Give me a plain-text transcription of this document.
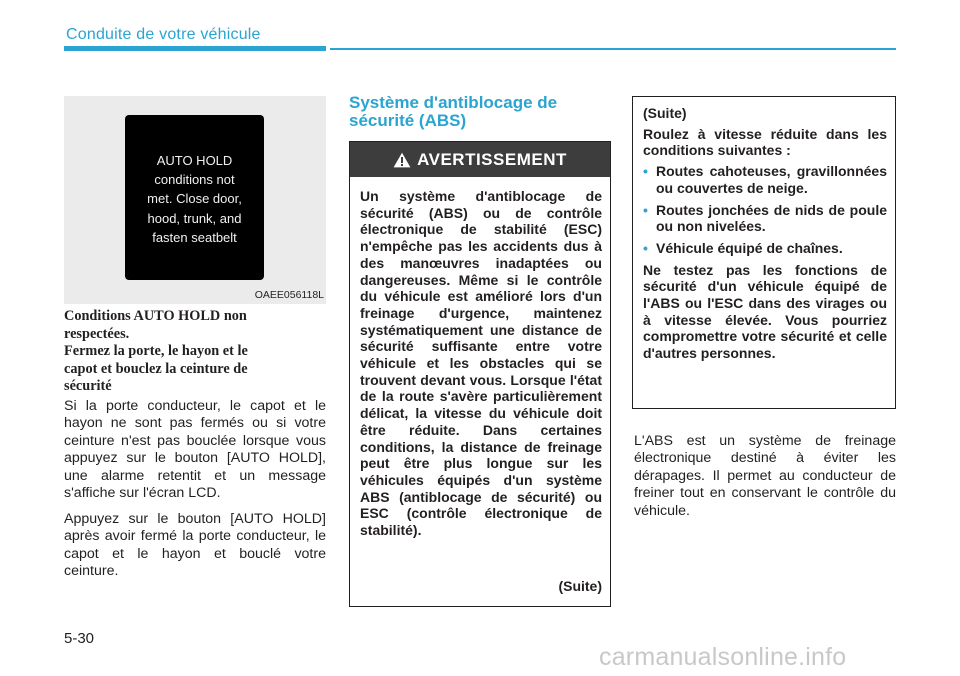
Conduite de votre véhicule
AUTO HOLD
conditions not
met. Close door,
hood, trunk, and
fasten seatbelt
OAEE056118L
Conditions AUTO HOLD non
respectées.
Fermez la porte, le hayon et le
capot et bouclez la ceinture de
sécurité

Si la porte conducteur, le capot et le hayon ne sont pas fermés ou si votre ceinture n'est pas bouclée lorsque vous appuyez sur le bouton [AUTO HOLD], une alarme retentit et un message s'affiche sur l'écran LCD.

Appuyez sur le bouton [AUTO HOLD] après avoir fermé la porte conducteur, le capot et le hayon et bouclé votre ceinture.

Système d'antiblocage de
sécurité (ABS)
AVERTISSEMENT
Un système d'antiblocage de sécurité (ABS) ou de contrôle électronique de stabilité (ESC) n'empêche pas les accidents dus à des manœuvres inadaptées ou dangereuses. Même si le contrôle du véhicule est amélioré lors d'un freinage d'urgence, maintenez systématiquement une distance de sécurité suffisante entre votre véhicule et les obstacles qui se trouvent devant vous. Lorsque l'état de la route s'avère particulièrement délicat, la vitesse du véhicule doit être réduite. Dans certaines conditions, la distance de freinage peut être plus longue sur les véhicules équipés d'un système ABS (antiblocage de sécurité) ou ESC (contrôle électronique de stabilité).
(Suite)

(Suite)

Roulez à vitesse réduite dans les conditions suivantes :

• Routes cahoteuses, gravillonnées ou couvertes de neige.
• Routes jonchées de nids de poule ou non nivelées.
• Véhicule équipé de chaînes.

Ne testez pas les fonctions de sécurité d'un véhicule équipé de l'ABS ou l'ESC dans des virages ou à vitesse élevée. Vous pourriez compromettre votre sécurité et celle d'autres personnes.

L'ABS est un système de freinage électronique destiné à éviter les dérapages. Il permet au conducteur de freiner tout en conservant le contrôle du véhicule.

5-30
carmanualsonline.info
